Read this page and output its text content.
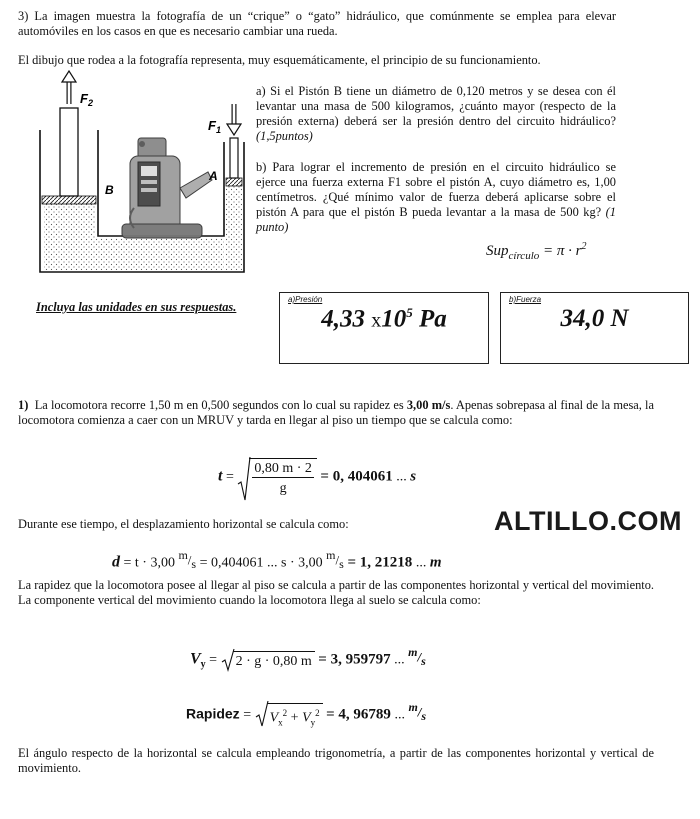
3) La imagen muestra la fotografía de un “crique” o “gato” hidráulico, que comúnmente se emplea para elevar automóviles en los casos en que es necesario cambiar una rueda.
El dibujo que rodea a la fotografía representa, muy esquemáticamente, el principio de su funcionamiento.
$F_2$
$F_1$
A
B
a) Si el Pistón B tiene un diámetro de 0,120 metros y se desea con él levantar una masa de 500 kilogramos, ¿cuánto mayor (respecto de la presión externa) deberá ser la presión dentro del circuito hidráulico? (1,5puntos)
b) Para lograr el incremento de presión en el circuito hidráulico se ejerce una fuerza externa F1 sobre el pistón A, cuyo diámetro es, 1,00 centímetros. ¿Qué mínimo valor de fuerza deberá aplicarse sobre el pistón A para que el pistón B pueda levantar a la masa de 500 kg? (1 punto)
$Sup_{círculo} = \pi \cdot r^2$
Incluya las unidades en sus respuestas.
a)Presión
4,33 $x10^5$ Pa
b)Fuerza
34,0 N
1) La locomotora recorre 1,50 m en 0,500 segundos con lo cual su rapidez es 3,00 m/s. Apenas sobrepasa al final de la mesa, la locomotora comienza a caer con un MRUV y tarda en llegar al piso un tiempo que se calcula como:
$t = \frac{0,80 m \cdot 2}{g} = 0$, 404061 ... s
Durante ese tiempo, el desplazamiento horizontal se calcula como:	ALTILLO.COM
d = t · 3,00 $^m/_s = 0,404061$ ... s · 3,00 $^m/_s = 1$, 21218 ... m
La rapidez que la locomotora posee al llegar al piso se calcula a partir de las componentes horizontal y vertical del movimiento. La componente vertical del movimiento cuando la locomotora llega al suelo se calcula como:
$V_y$ =
2 · g · 0,80 m = 3, 959797 ... $^m/_s$
Rapidez =
$V_x^2 + V_y^2 = 4$, 96789 ... $^m/_s$
El ángulo respecto de la horizontal se calcula empleando trigonometría, a partir de las componentes horizontal y vertical de movimiento.
